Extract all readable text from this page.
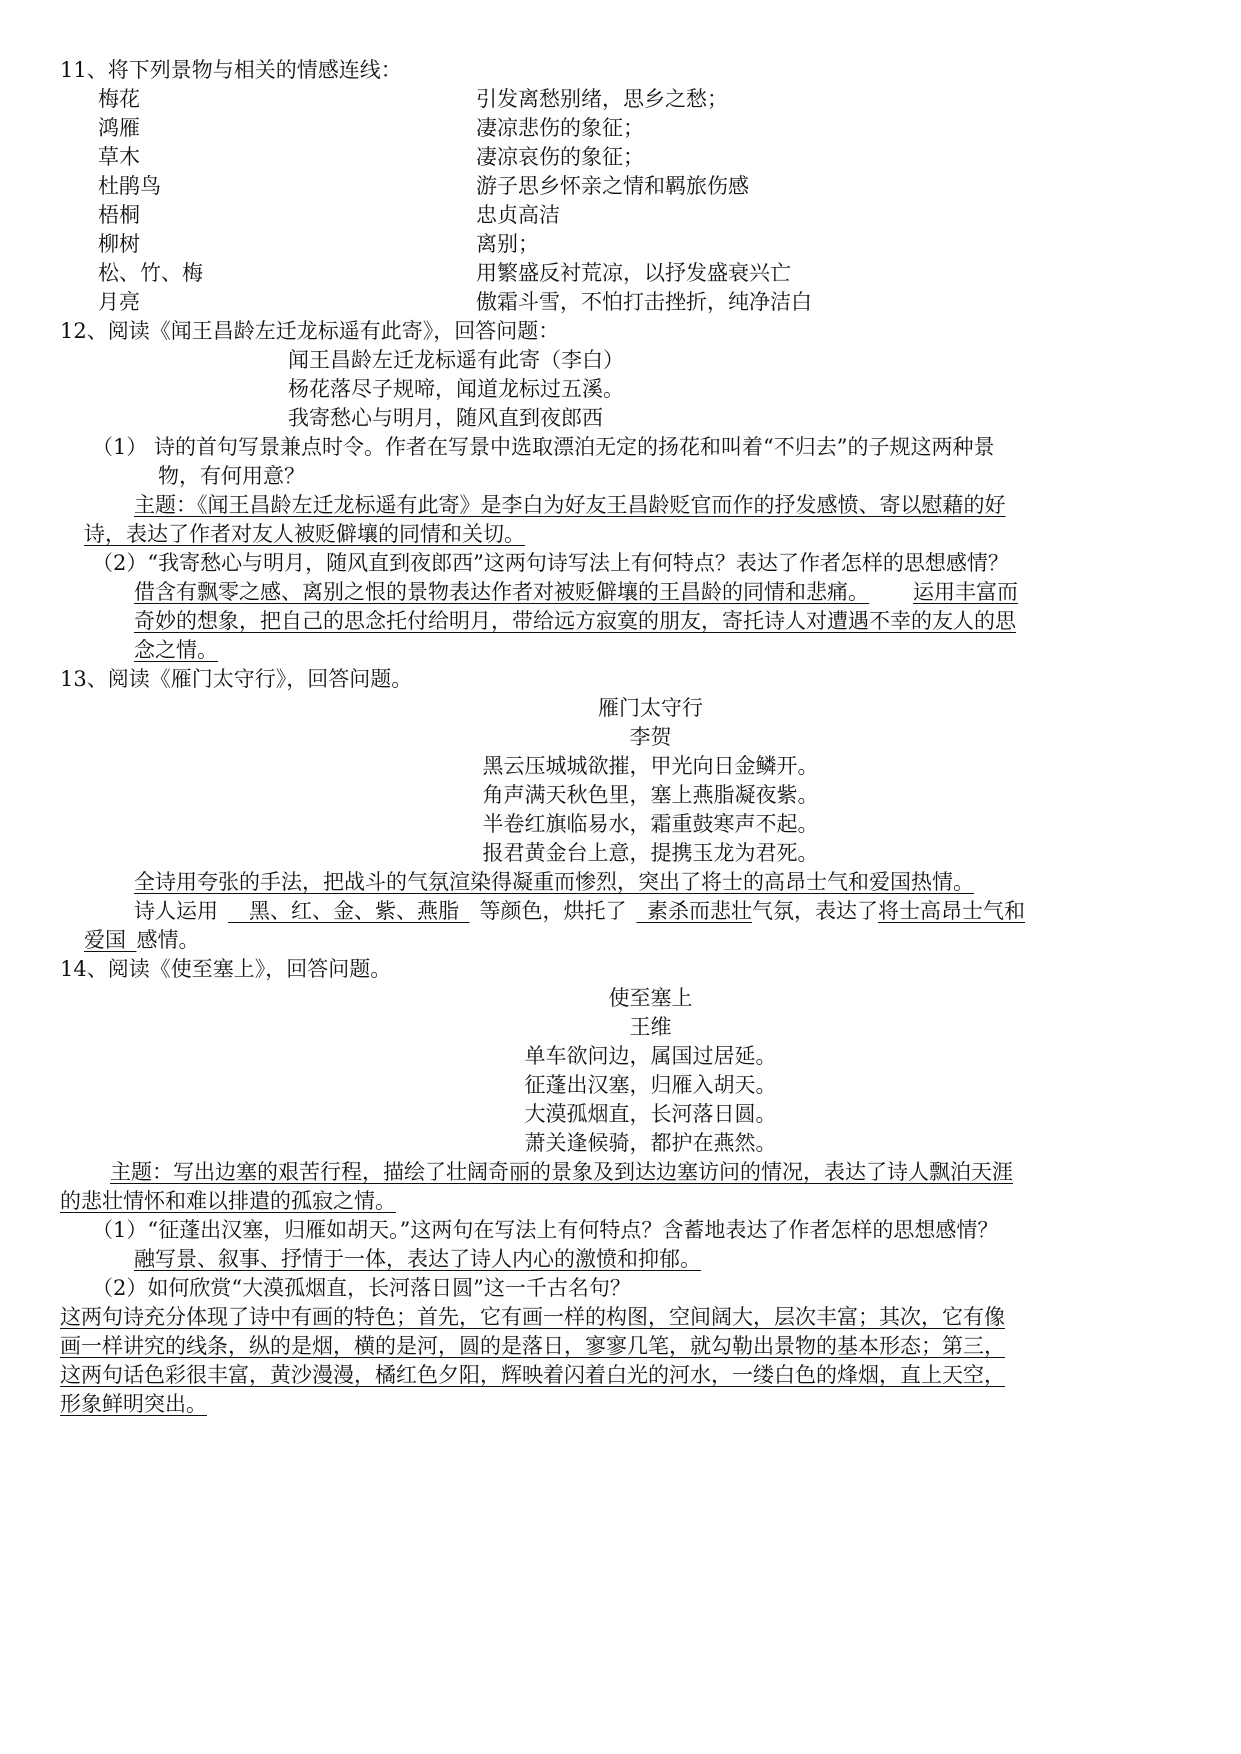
11、将下列景物与相关的情感连线：
梅花
鸿雁
草木
杜鹃鸟
梧桐
柳树
松、竹、梅
月亮
引发离愁别绪，思乡之愁；
凄凉悲伤的象征；
凄凉哀伤的象征；
游子思乡怀亲之情和羁旅伤感
忠贞高洁
离别；
用繁盛反衬荒凉，以抒发盛衰兴亡
傲霜斗雪，不怕打击挫折，纯净洁白
12、阅读《闻王昌龄左迁龙标遥有此寄》，回答问题：
闻王昌龄左迁龙标遥有此寄（李白）
杨花落尽子规啼，闻道龙标过五溪。
我寄愁心与明月，随风直到夜郎西
（1） 诗的首句写景兼点时令。作者在写景中选取漂泊无定的扬花和叫着“不归去”的子规这两种景
物，有何用意？
主题：《闻王昌龄左迁龙标遥有此寄》是李白为好友王昌龄贬官而作的抒发感愤、寄以慰藉的好
诗，表达了作者对友人被贬僻壤的同情和关切。
（2）“我寄愁心与明月，随风直到夜郎西”这两句诗写法上有何特点？表达了作者怎样的思想感情？
借含有飘零之感、离别之恨的景物表达作者对被贬僻壤的王昌龄的同情和悲痛。 运用丰富而
奇妙的想象，把自己的思念托付给明月，带给远方寂寞的朋友，寄托诗人对遭遇不幸的友人的思
念之情。
13、阅读《雁门太守行》，回答问题。
雁门太守行
李贺
黑云压城城欲摧，甲光向日金鳞开。
角声满天秋色里，塞上燕脂凝夜紫。
半卷红旗临易水，霜重鼓寒声不起。
报君黄金台上意，提携玉龙为君死。
全诗用夸张的手法，把战斗的气氛渲染得凝重而惨烈，突出了将士的高昂士气和爱国热情。
诗人运用   黑、红、金、紫、燕脂  等颜色，烘托了  素杀而悲壮气氛，表达了将士高昂士气和
爱国  感情。
14、阅读《使至塞上》，回答问题。
使至塞上
王维
单车欲问边，属国过居延。
征蓬出汉塞，归雁入胡天。
大漠孤烟直，长河落日圆。
萧关逢候骑，都护在燕然。
主题：写出边塞的艰苦行程，描绘了壮阔奇丽的景象及到达边塞访问的情况，表达了诗人飘泊天涯
的悲壮情怀和难以排遣的孤寂之情。
（1）“征蓬出汉塞，归雁如胡天。”这两句在写法上有何特点？含蓄地表达了作者怎样的思想感情？
融写景、叙事、抒情于一体，表达了诗人内心的激愤和抑郁。
（2）如何欣赏“大漠孤烟直，长河落日圆”这一千古名句？
这两句诗充分体现了诗中有画的特色；首先，它有画一样的构图，空间阔大，层次丰富；其次，它有像
画一样讲究的线条，纵的是烟，横的是河，圆的是落日，寥寥几笔，就勾勒出景物的基本形态；第三，
这两句话色彩很丰富，黄沙漫漫，橘红色夕阳，辉映着闪着白光的河水，一缕白色的烽烟，直上天空，
形象鲜明突出。
